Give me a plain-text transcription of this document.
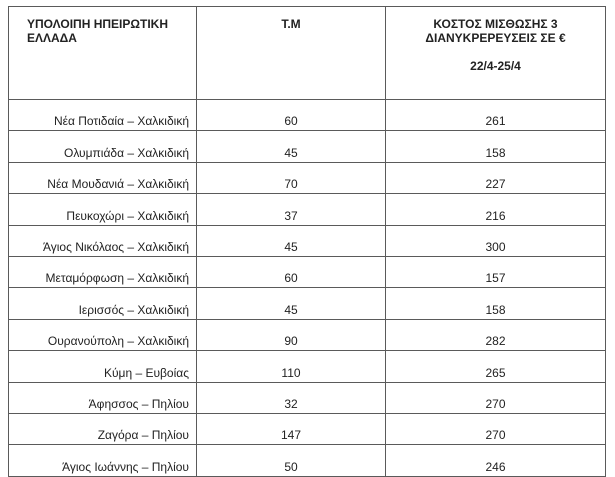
ΥΠΟΛΟΙΠΗ ΗΠΕΙΡΩΤΙΚΗ ΕΛΛΑΔΑ	Τ.Μ	ΚΟΣΤΟΣ ΜΙΣΘΩΣΗΣ 3 ΔΙΑΝΥΚΡΕΡΕΥΣΕΙΣ ΣΕ €
22/4-25/4

Νέα Ποτιδαία – Χαλκιδική	60	261
Ολυμπιάδα – Χαλκιδική	45	158
Νέα Μουδανιά – Χαλκιδική	70	227
Πευκοχώρι – Χαλκιδική	37	216
Άγιος Νικόλαος – Χαλκιδική	45	300
Μεταμόρφωση – Χαλκιδική	60	157
Ιερισσός – Χαλκιδική	45	158
Ουρανούπολη – Χαλκιδική	90	282
Κύμη – Ευβοίας	110	265
Άφησσος – Πηλίου	32	270
Ζαγόρα – Πηλίου	147	270
Άγιος Ιωάννης – Πηλίου	50	246
